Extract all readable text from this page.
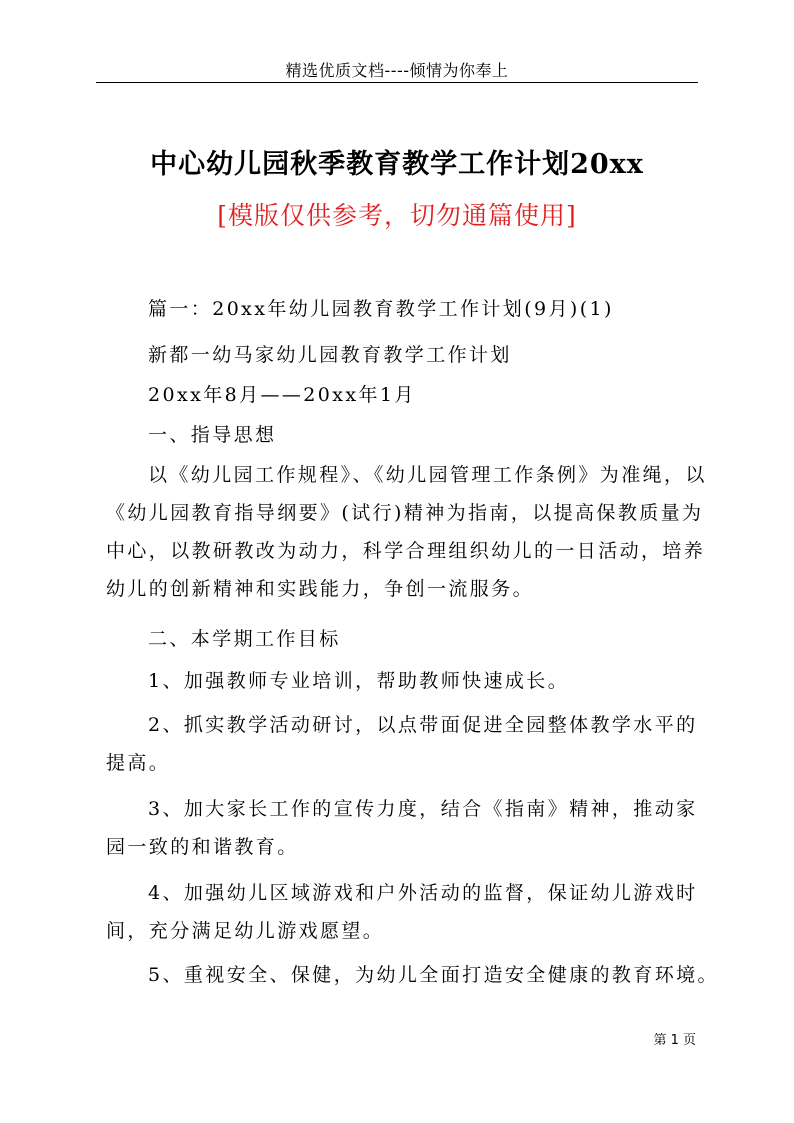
精选优质文档----倾情为你奉上
中心幼儿园秋季教育教学工作计划20xx
[模版仅供参考，切勿通篇使用]

篇一：20xx年幼儿园教育教学工作计划(9月)(1)

新都一幼马家幼儿园教育教学工作计划

20xx年8月——20xx年1月

一、指导思想

以《幼儿园工作规程》、《幼儿园管理工作条例》为准绳，以

《幼儿园教育指导纲要》(试行)精神为指南，以提高保教质量为

中心，以教研教改为动力，科学合理组织幼儿的一日活动，培养

幼儿的创新精神和实践能力，争创一流服务。

二、本学期工作目标

1、加强教师专业培训，帮助教师快速成长。

2、抓实教学活动研讨，以点带面促进全园整体教学水平的

提高。

3、加大家长工作的宣传力度，结合《指南》精神，推动家

园一致的和谐教育。

4、加强幼儿区域游戏和户外活动的监督，保证幼儿游戏时

间，充分满足幼儿游戏愿望。

5、重视安全、保健，为幼儿全面打造安全健康的教育环境。

第 1 页
